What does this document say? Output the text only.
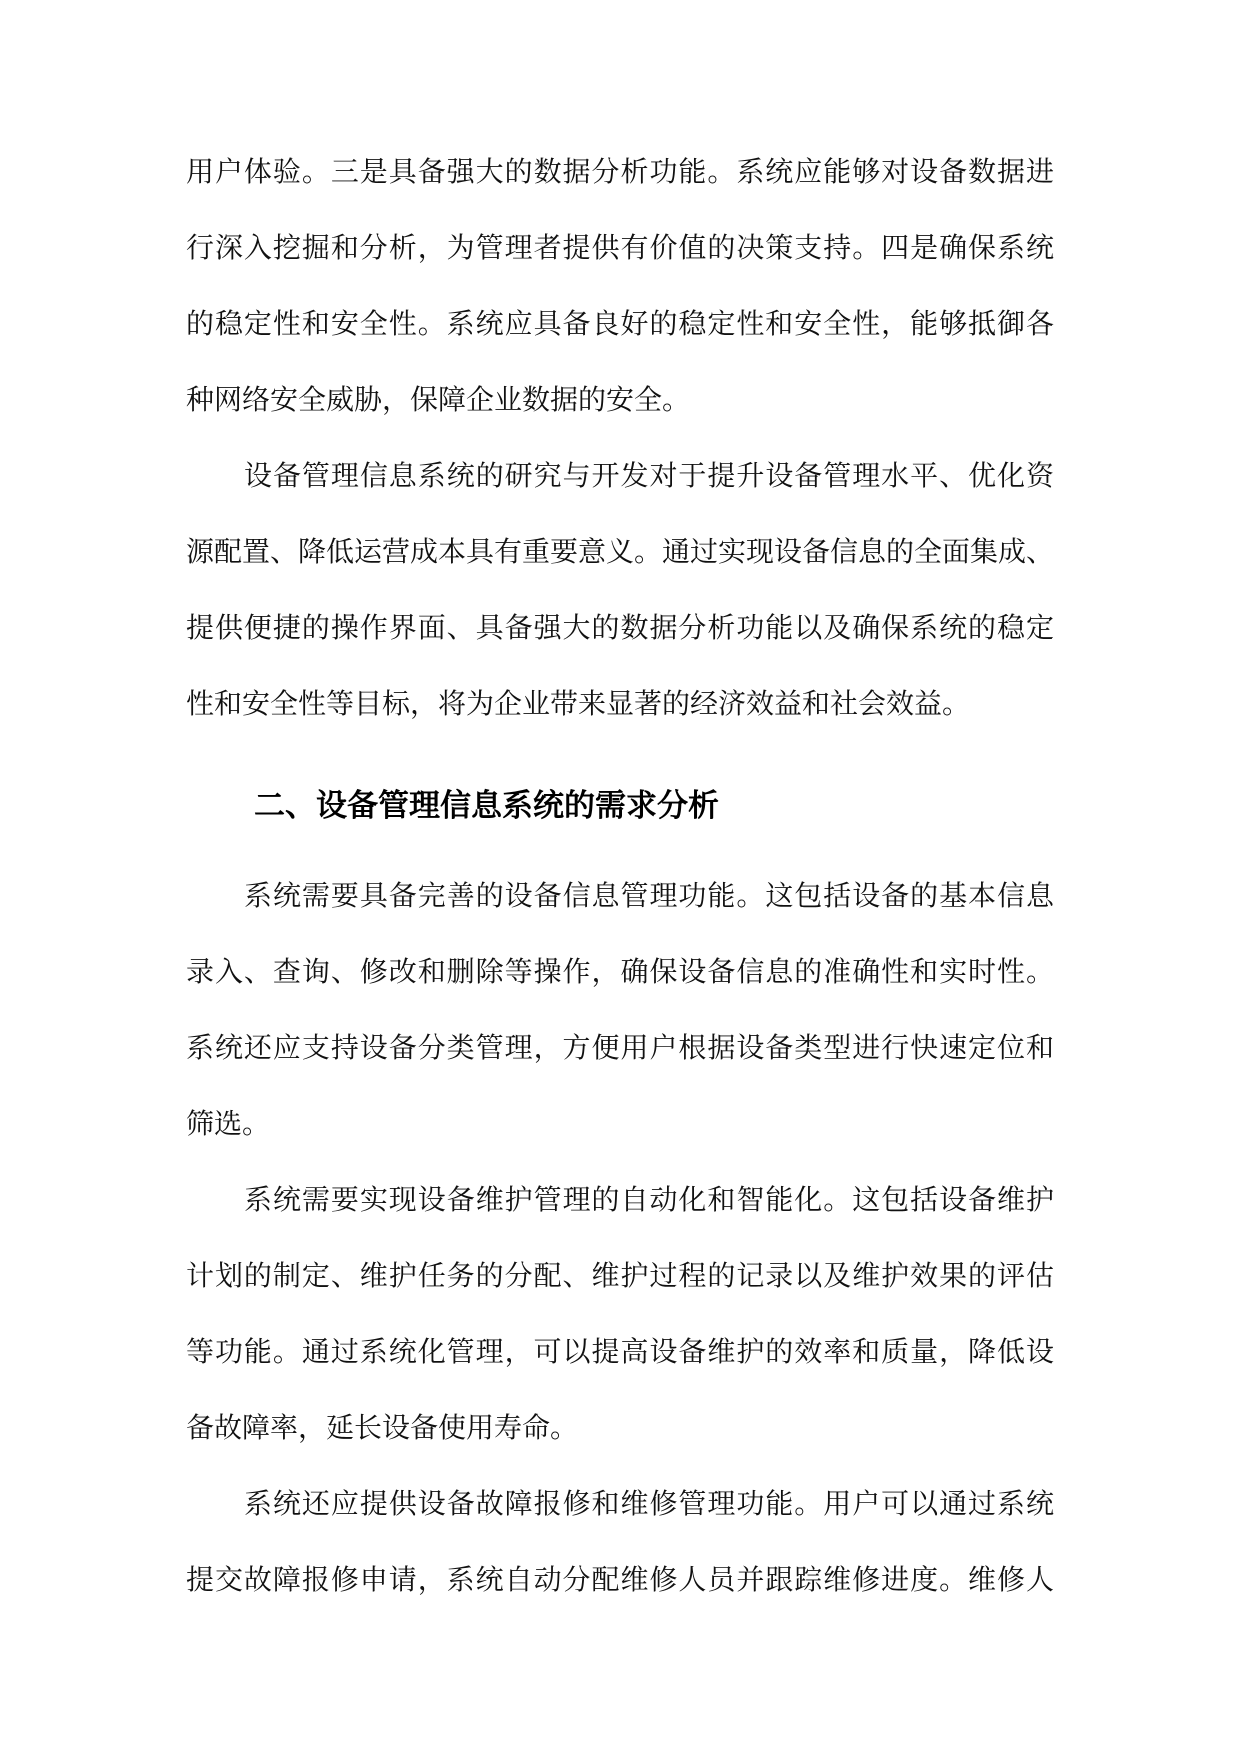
用户体验。三是具备强大的数据分析功能。系统应能够对设备数据进
行深入挖掘和分析，为管理者提供有价值的决策支持。四是确保系统
的稳定性和安全性。系统应具备良好的稳定性和安全性，能够抵御各
种网络安全威胁，保障企业数据的安全。
设备管理信息系统的研究与开发对于提升设备管理水平、优化资
源配置、降低运营成本具有重要意义。通过实现设备信息的全面集成、
提供便捷的操作界面、具备强大的数据分析功能以及确保系统的稳定
性和安全性等目标，将为企业带来显著的经济效益和社会效益。
二、设备管理信息系统的需求分析
系统需要具备完善的设备信息管理功能。这包括设备的基本信息
录入、查询、修改和删除等操作，确保设备信息的准确性和实时性。
系统还应支持设备分类管理，方便用户根据设备类型进行快速定位和
筛选。
系统需要实现设备维护管理的自动化和智能化。这包括设备维护
计划的制定、维护任务的分配、维护过程的记录以及维护效果的评估
等功能。通过系统化管理，可以提高设备维护的效率和质量，降低设
备故障率，延长设备使用寿命。
系统还应提供设备故障报修和维修管理功能。用户可以通过系统
提交故障报修申请，系统自动分配维修人员并跟踪维修进度。维修人
